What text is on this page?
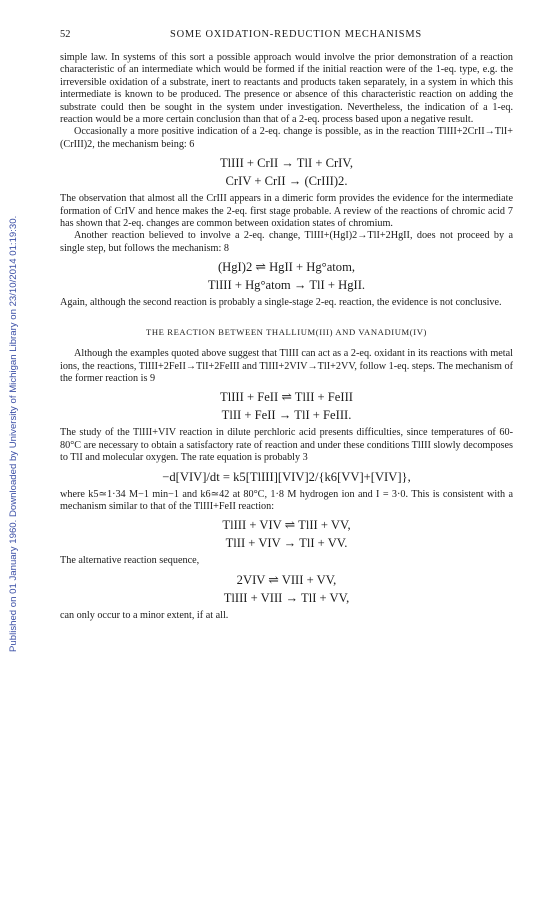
Published on 01 January 1960. Downloaded by University of Michigan Library on 23/10/2014 01:19:30.
52	SOME OXIDATION-REDUCTION MECHANISMS

simple law. In systems of this sort a possible approach would involve the prior demonstration of a reaction characteristic of an intermediate which would be formed if the initial reaction were of the 1-eq. type, e.g. the irreversible oxidation of a substrate, inert to reactants and products taken separately, in a system in which this intermediate is known to be produced. The presence or absence of this characteristic reaction on adding the substrate could then be sought in the system under investigation. Nevertheless, the indication of a 1-eq. reaction would be a more certain conclusion than that of a 2-eq. process based upon a negative result.

Occasionally a more positive indication of a 2-eq. change is possible, as in the reaction TlIII+2CrII→TlI+(CrIII)2, the mechanism being: 6

TlIII + CrII → TlI + CrIV,
CrIV + CrII → (CrIII)2.

The observation that almost all the CrIII appears in a dimeric form provides the evidence for the intermediate formation of CrIV and hence makes the 2-eq. first stage probable. A review of the reactions of chromic acid 7 has shown that 2-eq. changes are common between oxidation states of chromium.

Another reaction believed to involve a 2-eq. change, TlIII+(HgI)2→TlI+2HgII, does not proceed by a single step, but follows the mechanism: 8

(HgI)2 ⇌ HgII + Hg°atom,
TlIII + Hg°atom → TlI + HgII.

Again, although the second reaction is probably a single-stage 2-eq. reaction, the evidence is not conclusive.

THE REACTION BETWEEN THALLIUM(III) AND VANADIUM(IV)

Although the examples quoted above suggest that TlIII can act as a 2-eq. oxidant in its reactions with metal ions, the reactions, TlIII+2FeII→TlI+2FeIII and TlIII+2VIV→TlI+2VV, follow 1-eq. steps. The mechanism of the former reaction is 9

TlIII + FeII ⇌ TlII + FeIII
TlII + FeII → TlI + FeIII.

The study of the TlIII+VIV reaction in dilute perchloric acid presents difficulties, since temperatures of 60-80°C are necessary to obtain a satisfactory rate of reaction and under these conditions TlIII slowly decomposes to TlI and molecular oxygen. The rate equation is probably 3

−d[VIV]/dt = k5[TlIII][VIV]2/{k6[VV]+[VIV]},

where k5≃1·34 M−1 min−1 and k6≃42 at 80°C, 1·8 M hydrogen ion and I = 3·0. This is consistent with a mechanism similar to that of the TlIII+FeII reaction:

TlIII + VIV ⇌ TlII + VV,
TlII + VIV → TlI + VV.

The alternative reaction sequence,

2VIV ⇌ VIII + VV,
TlIII + VIII → TlI + VV,

can only occur to a minor extent, if at all.
